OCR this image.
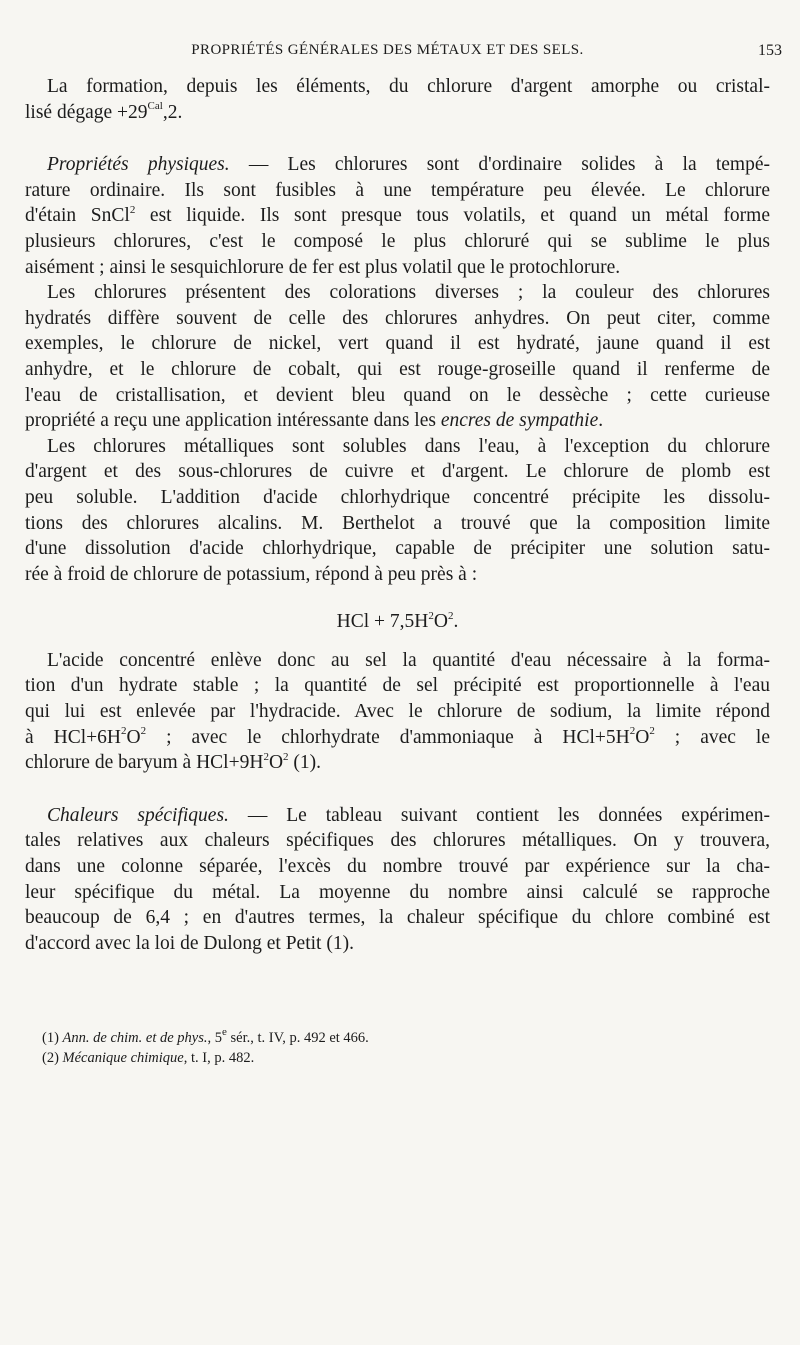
PROPRIÉTÉS GÉNÉRALES DES MÉTAUX ET DES SELS.	153

La formation, depuis les éléments, du chlorure d'argent amorphe ou cristal-

lisé dégage $+29^{Cal},2$.

Propriétés physiques. — Les chlorures sont d'ordinaire solides à la tempé-

rature ordinaire. Ils sont fusibles à une température peu élevée. Le chlorure

d'étain SnCl$^2$ est liquide. Ils sont presque tous volatils, et quand un métal forme

plusieurs chlorures, c'est le composé le plus chloruré qui se sublime le plus

aisément ; ainsi le sesquichlorure de fer est plus volatil que le protochlorure.

Les chlorures présentent des colorations diverses ; la couleur des chlorures

hydratés diffère souvent de celle des chlorures anhydres. On peut citer, comme

exemples, le chlorure de nickel, vert quand il est hydraté, jaune quand il est

anhydre, et le chlorure de cobalt, qui est rouge-groseille quand il renferme de

l'eau de cristallisation, et devient bleu quand on le dessèche ; cette curieuse

propriété a reçu une application intéressante dans les encres de sympathie.

Les chlorures métalliques sont solubles dans l'eau, à l'exception du chlorure

d'argent et des sous-chlorures de cuivre et d'argent. Le chlorure de plomb est

peu soluble. L'addition d'acide chlorhydrique concentré précipite les dissolu-

tions des chlorures alcalins. M. Berthelot a trouvé que la composition limite

d'une dissolution d'acide chlorhydrique, capable de précipiter une solution satu-

rée à froid de chlorure de potassium, répond à peu près à :

HCl + $7,5H^2O^2$.

L'acide concentré enlève donc au sel la quantité d'eau nécessaire à la forma-

tion d'un hydrate stable ; la quantité de sel précipité est proportionnelle à l'eau

qui lui est enlevée par l'hydracide. Avec le chlorure de sodium, la limite répond

à $HCl+6H^2O^2$ ; avec le chlorhydrate d'ammoniaque à $HCl+5H^2O^2$ ; avec le

chlorure de baryum à $HCl+9H^2O^2$ (1).

Chaleurs spécifiques. — Le tableau suivant contient les données expérimen-

tales relatives aux chaleurs spécifiques des chlorures métalliques. On y trouvera,

dans une colonne séparée, l'excès du nombre trouvé par expérience sur la cha-

leur spécifique du métal. La moyenne du nombre ainsi calculé se rapproche

beaucoup de 6,4 ; en d'autres termes, la chaleur spécifique du chlore combiné est

d'accord avec la loi de Dulong et Petit (1).

(1) Ann. de chim. et de phys., 5e sér., t. IV, p. 492 et 466.
(2) Mécanique chimique, t. I, p. 482.
